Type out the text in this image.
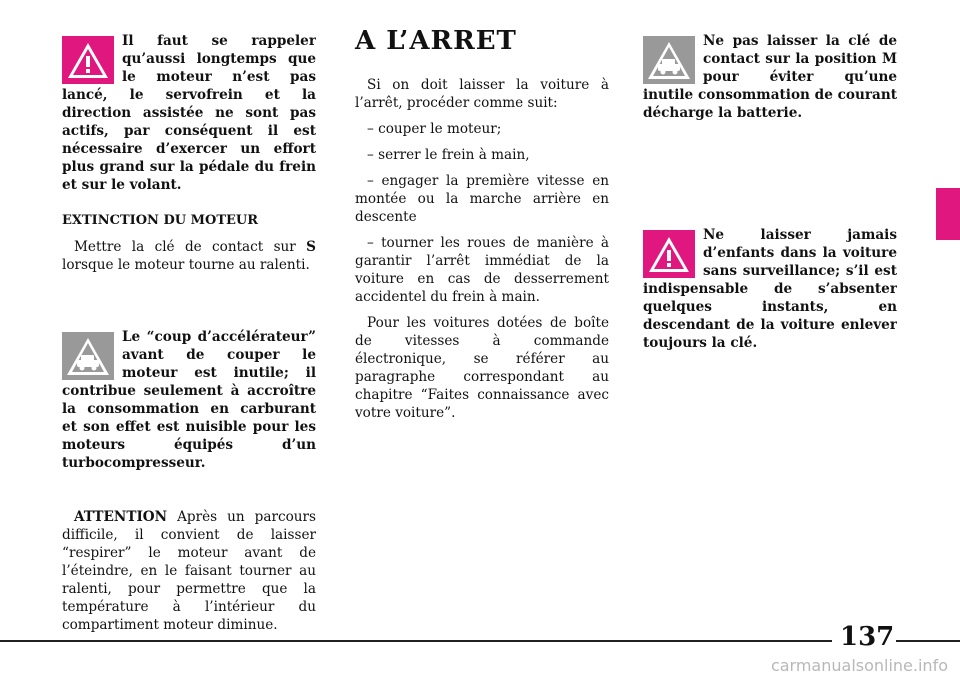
Il faut se rappeler qu’aussi longtemps que le moteur n’est pas lancé, le servofrein et la direction assistée ne sont pas actifs, par conséquent il est nécessaire d’exercer un effort plus grand sur la pédale du frein et sur le volant.
EXTINCTION DU MOTEUR

Mettre la clé de contact sur S lorsque le moteur tourne au ralenti.

Le “coup d’accélérateur” avant de couper le moteur est inutile; il contribue seulement à accroître la consommation en carburant et son effet est nuisible pour les moteurs équipés d’un turbocompresseur.

ATTENTION Après un parcours difficile, il convient de laisser “respirer” le moteur avant de l’éteindre, en le faisant tourner au ralenti, pour permettre que la température à l’intérieur du compartiment moteur diminue.

A L’ARRET

Si on doit laisser la voiture à l’arrêt, procéder comme suit:

– couper le moteur;

– serrer le frein à main,

– engager la première vitesse en montée ou la marche arrière en descente

– tourner les roues de manière à garantir l’arrêt immédiat de la voiture en cas de desserrement accidentel du frein à main.

Pour les voitures dotées de boîte de vitesses à commande électronique, se référer au paragraphe correspondant au chapitre “Faites connaissance avec votre voiture”.

Ne pas laisser la clé de contact sur la position M pour éviter qu’une inutile consommation de courant décharge la batterie.
Ne laisser jamais d’enfants dans la voiture sans surveillance; s’il est indispensable de s’absenter quelques instants, en descendant de la voiture enlever toujours la clé.
137
carmanualsonline.info
